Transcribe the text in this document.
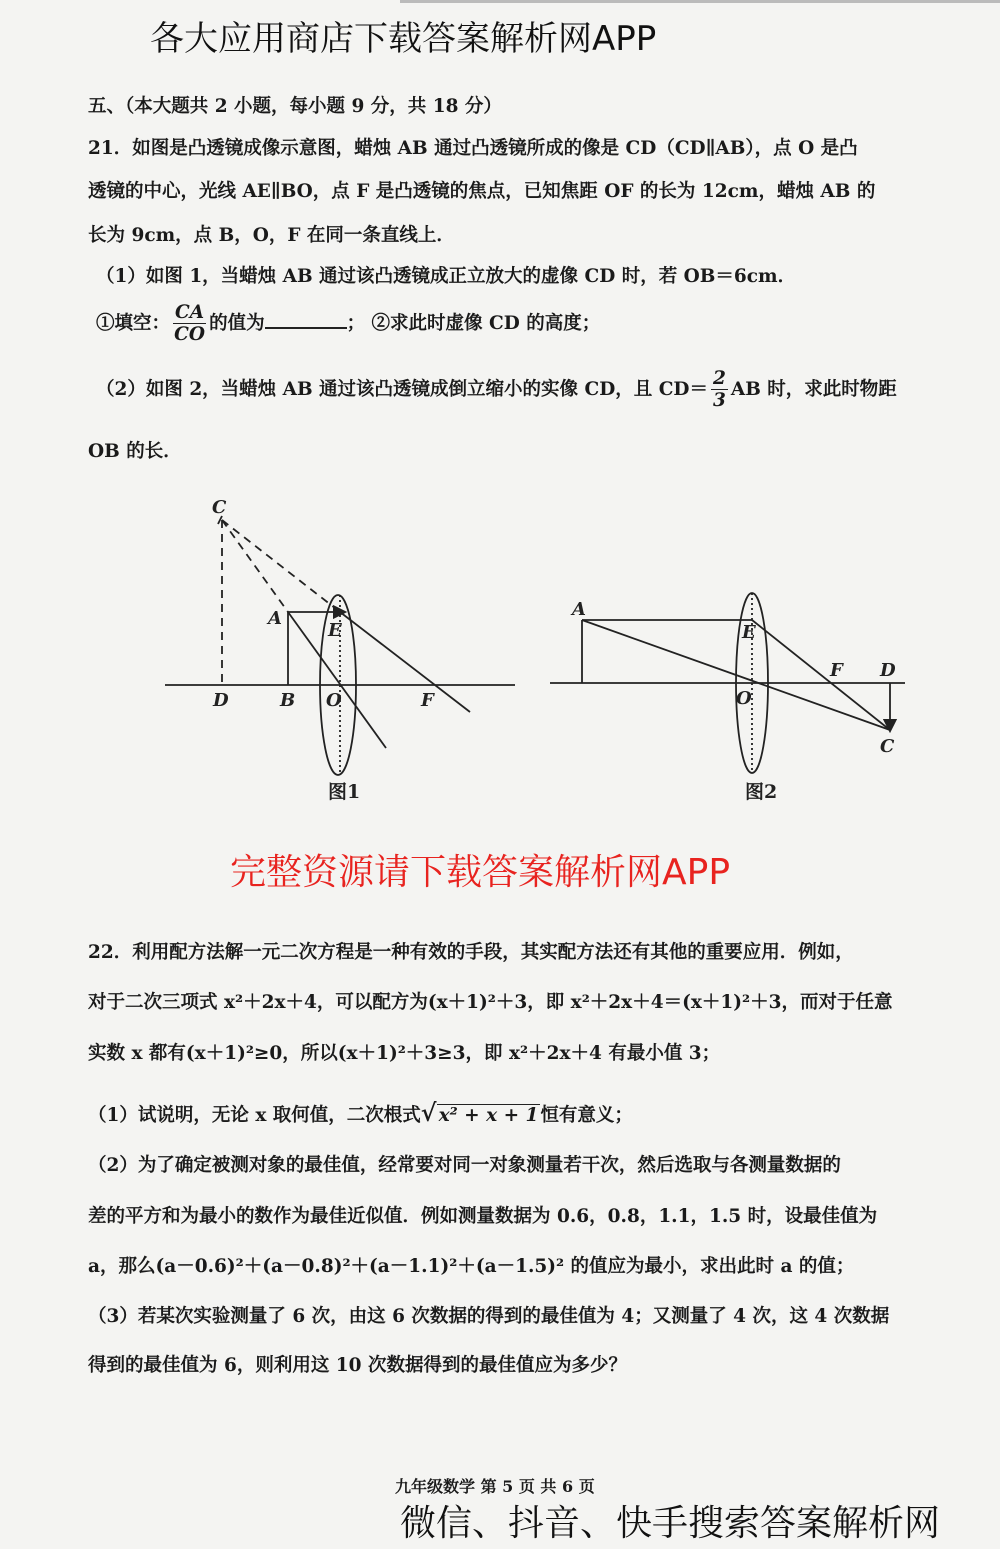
各大应用商店下载答案解析网APP
五、（本大题共 2 小题，每小题 9 分，共 18 分）
21．如图是凸透镜成像示意图，蜡烛 AB 通过凸透镜所成的像是 CD（CD∥AB），点 O 是凸
透镜的中心，光线 AE∥BO，点 F 是凸透镜的焦点，已知焦距 OF 的长为 12cm，蜡烛 AB 的
长为 9cm，点 B，O，F 在同一条直线上．
（1）如图 1，当蜡烛 AB 通过该凸透镜成正立放大的虚像 CD 时，若 OB＝6cm．
①填空： $\frac{CA}{CO}$ 的值为	； ②求此时虚像 CD 的高度；
（2）如图 2，当蜡烛 AB 通过该凸透镜成倒立缩小的实像 CD，且 $CD= \frac{2}{3}$ AB 时，求此时物距
OB 的长．
C
A
E
D	B O	F
图1
A
E
F D
O
C
图2
完整资源请下载答案解析网APP
22．利用配方法解一元二次方程是一种有效的手段，其实配方法还有其他的重要应用．例如，
对于二次三项式 x²＋2x＋4，可以配方为(x＋1)²＋3，即 x²＋2x＋4＝(x＋1)²＋3，而对于任意
实数 x 都有(x＋1)²≥0，所以(x＋1)²＋3≥3，即 x²＋2x＋4 有最小值 3；
（1）试说明，无论 x 取何值，二次根式√ x² + x + 1 恒有意义；
（2）为了确定被测对象的最佳值，经常要对同一对象测量若干次，然后选取与各测量数据的
差的平方和为最小的数作为最佳近似值．例如测量数据为 0.6，0.8，1.1，1.5 时，设最佳值为
a，那么(a－0.6)²＋(a－0.8)²＋(a－1.1)²＋(a－1.5)² 的值应为最小，求出此时 a 的值；
（3）若某次实验测量了 6 次，由这 6 次数据的得到的最佳值为 4；又测量了 4 次，这 4 次数据
得到的最佳值为 6，则利用这 10 次数据得到的最佳值应为多少？
九年级数学 第 5 页 共 6 页
微信、抖音、快手搜索答案解析网
